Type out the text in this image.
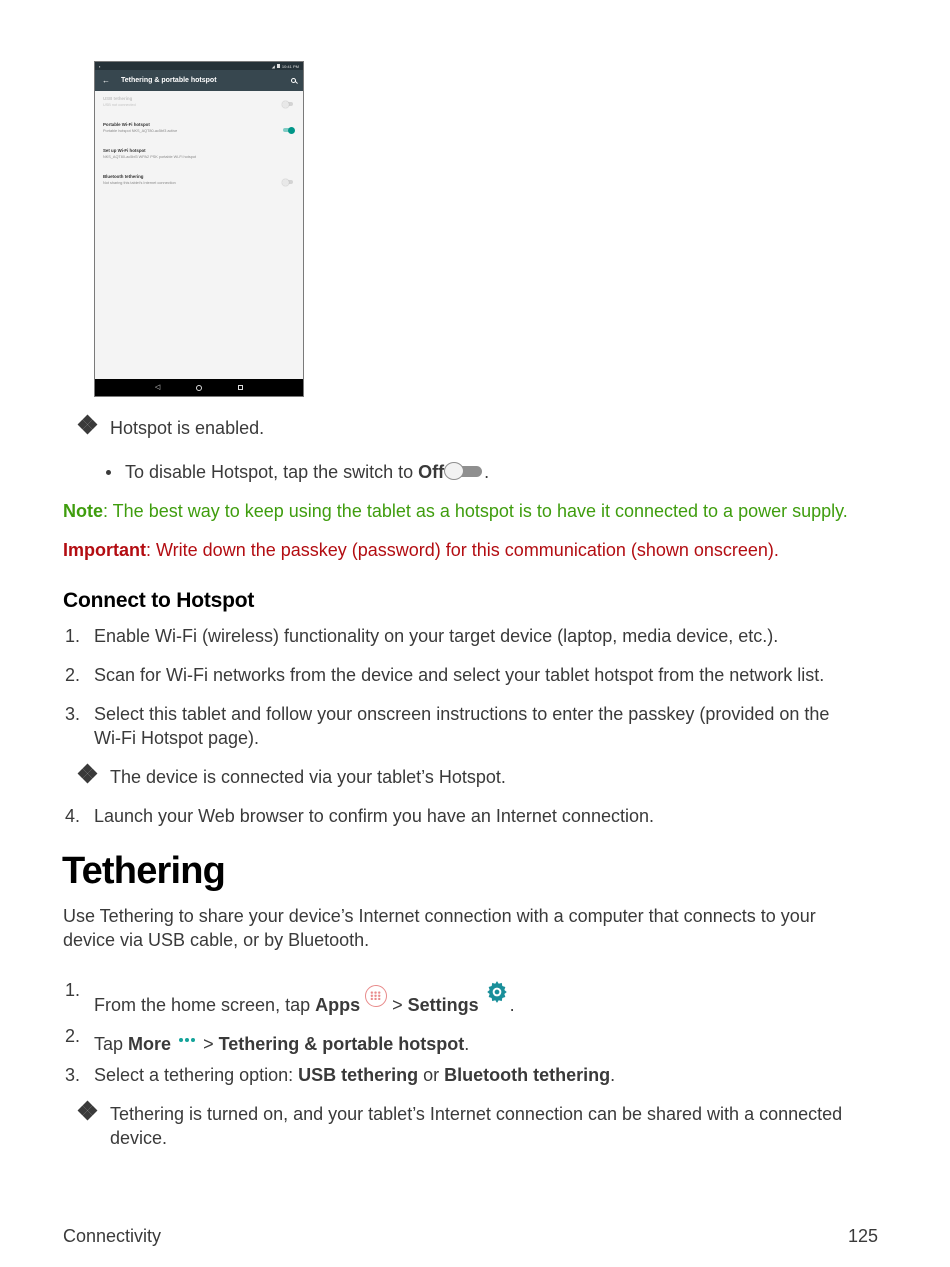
▪	◢ 10:41 PM
← Tethering & portable hotspot
USB tethering
USB not connected
Portable Wi-Fi hotspot
Portable hotspot NKS_AQT80-ac5bf3 active
Set up Wi-Fi hotspot
NKS_AQT80-ac5bf3 WPA2 PSK portable Wi-Fi hotspot
Bluetooth tethering
Not sharing this tablet's Internet connection
◁
Hotspot is enabled.
To disable Hotspot, tap the switch to Off .
Note: The best way to keep using the tablet as a hotspot is to have it connected to a power supply.
Important: Write down the passkey (password) for this communication (shown onscreen).
Connect to Hotspot
1. Enable Wi-Fi (wireless) functionality on your target device (laptop, media device, etc.).
2. Scan for Wi-Fi networks from the device and select your tablet hotspot from the network list.
3. Select this tablet and follow your onscreen instructions to enter the passkey (provided on the
Wi-Fi Hotspot page).
The device is connected via your tablet’s Hotspot.
4. Launch your Web browser to confirm you have an Internet connection.
Tethering
Use Tethering to share your device’s Internet connection with a computer that connects to your
device via USB cable, or by Bluetooth.
1.
From the home screen, tap Apps
> Settings .
2. Tap More  > Tethering & portable hotspot.
3. Select a tethering option: USB tethering or Bluetooth tethering.
Tethering is turned on, and your tablet’s Internet connection can be shared with a connected
device.
Connectivity	125
